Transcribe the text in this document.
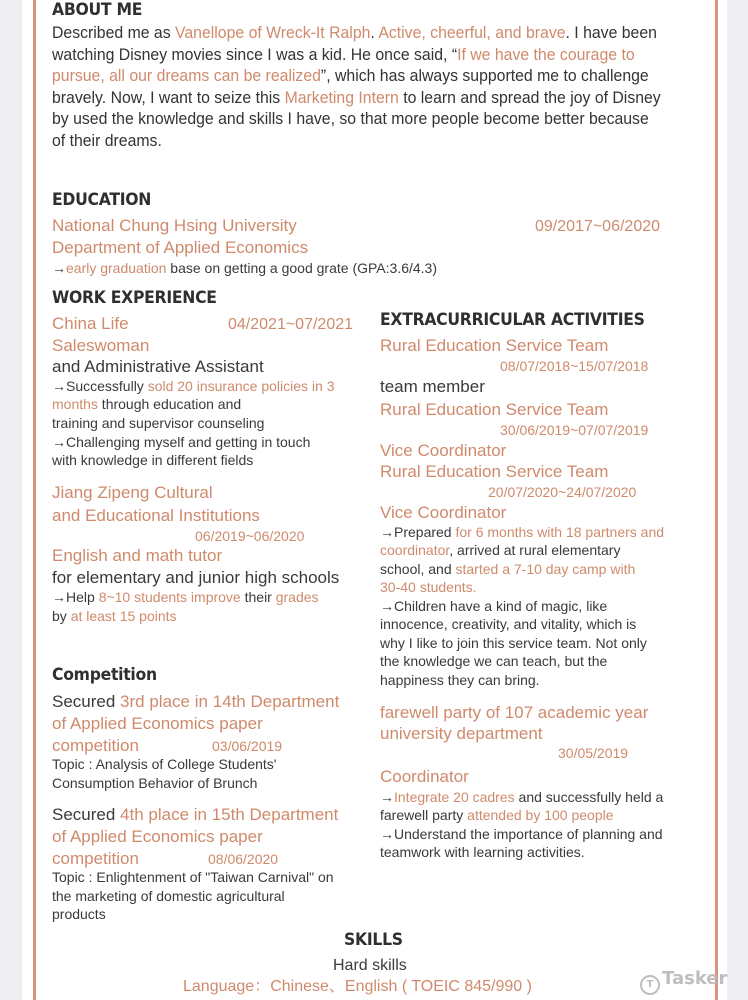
ABOUT ME
Described me as Vanellope of Wreck-It Ralph. Active, cheerful, and brave. I have been watching Disney movies since I was a kid. He once said, “If we have the courage to pursue, all our dreams can be realized”, which has always supported me to challenge bravely. Now, I want to seize this Marketing Intern to learn and spread the joy of Disney by used the knowledge and skills I have, so that more people become better because of their dreams.
EDUCATION
National Chung Hsing University	09/2017~06/2020
Department of Applied Economics
→early graduation base on getting a good grate (GPA:3.6/4.3)
WORK EXPERIENCE
China Life	04/2021~07/2021
Saleswoman
and Administrative Assistant
→Successfully sold 20 insurance policies in 3
months through education and
training and supervisor counseling
→Challenging myself and getting in touch
with knowledge in different fields
Jiang Zipeng Cultural
and Educational Institutions
06/2019~06/2020
English and math tutor
for elementary and junior high schools
→Help 8~10 students improve their grades
by at least 15 points
Competition
Secured 3rd place in 14th Department
of Applied Economics paper
competition	03/06/2019
Topic : Analysis of College Students'
Consumption Behavior of Brunch
Secured 4th place in 15th Department
of Applied Economics paper
competition	08/06/2020
Topic : Enlightenment of "Taiwan Carnival" on
the marketing of domestic agricultural
products
EXTRACURRICULAR ACTIVITIES
Rural Education Service Team
08/07/2018~15/07/2018
team member
Rural Education Service Team
30/06/2019~07/07/2019
Vice Coordinator
Rural Education Service Team
20/07/2020~24/07/2020
Vice Coordinator
→Prepared for 6 months with 18 partners and
coordinator, arrived at rural elementary
school, and started a 7-10 day camp with
30-40 students.
→Children have a kind of magic, like
innocence, creativity, and vitality, which is
why I like to join this service team. Not only
the knowledge we can teach, but the
happiness they can bring.
farewell party of 107 academic year
university department
30/05/2019
Coordinator
→Integrate 20 cadres and successfully held a
farewell party attended by 100 people
→Understand the importance of planning and
teamwork with learning activities.
SKILLS
Hard skills
Language：Chinese、English ( TOEIC 845/990 )	T Tasker
